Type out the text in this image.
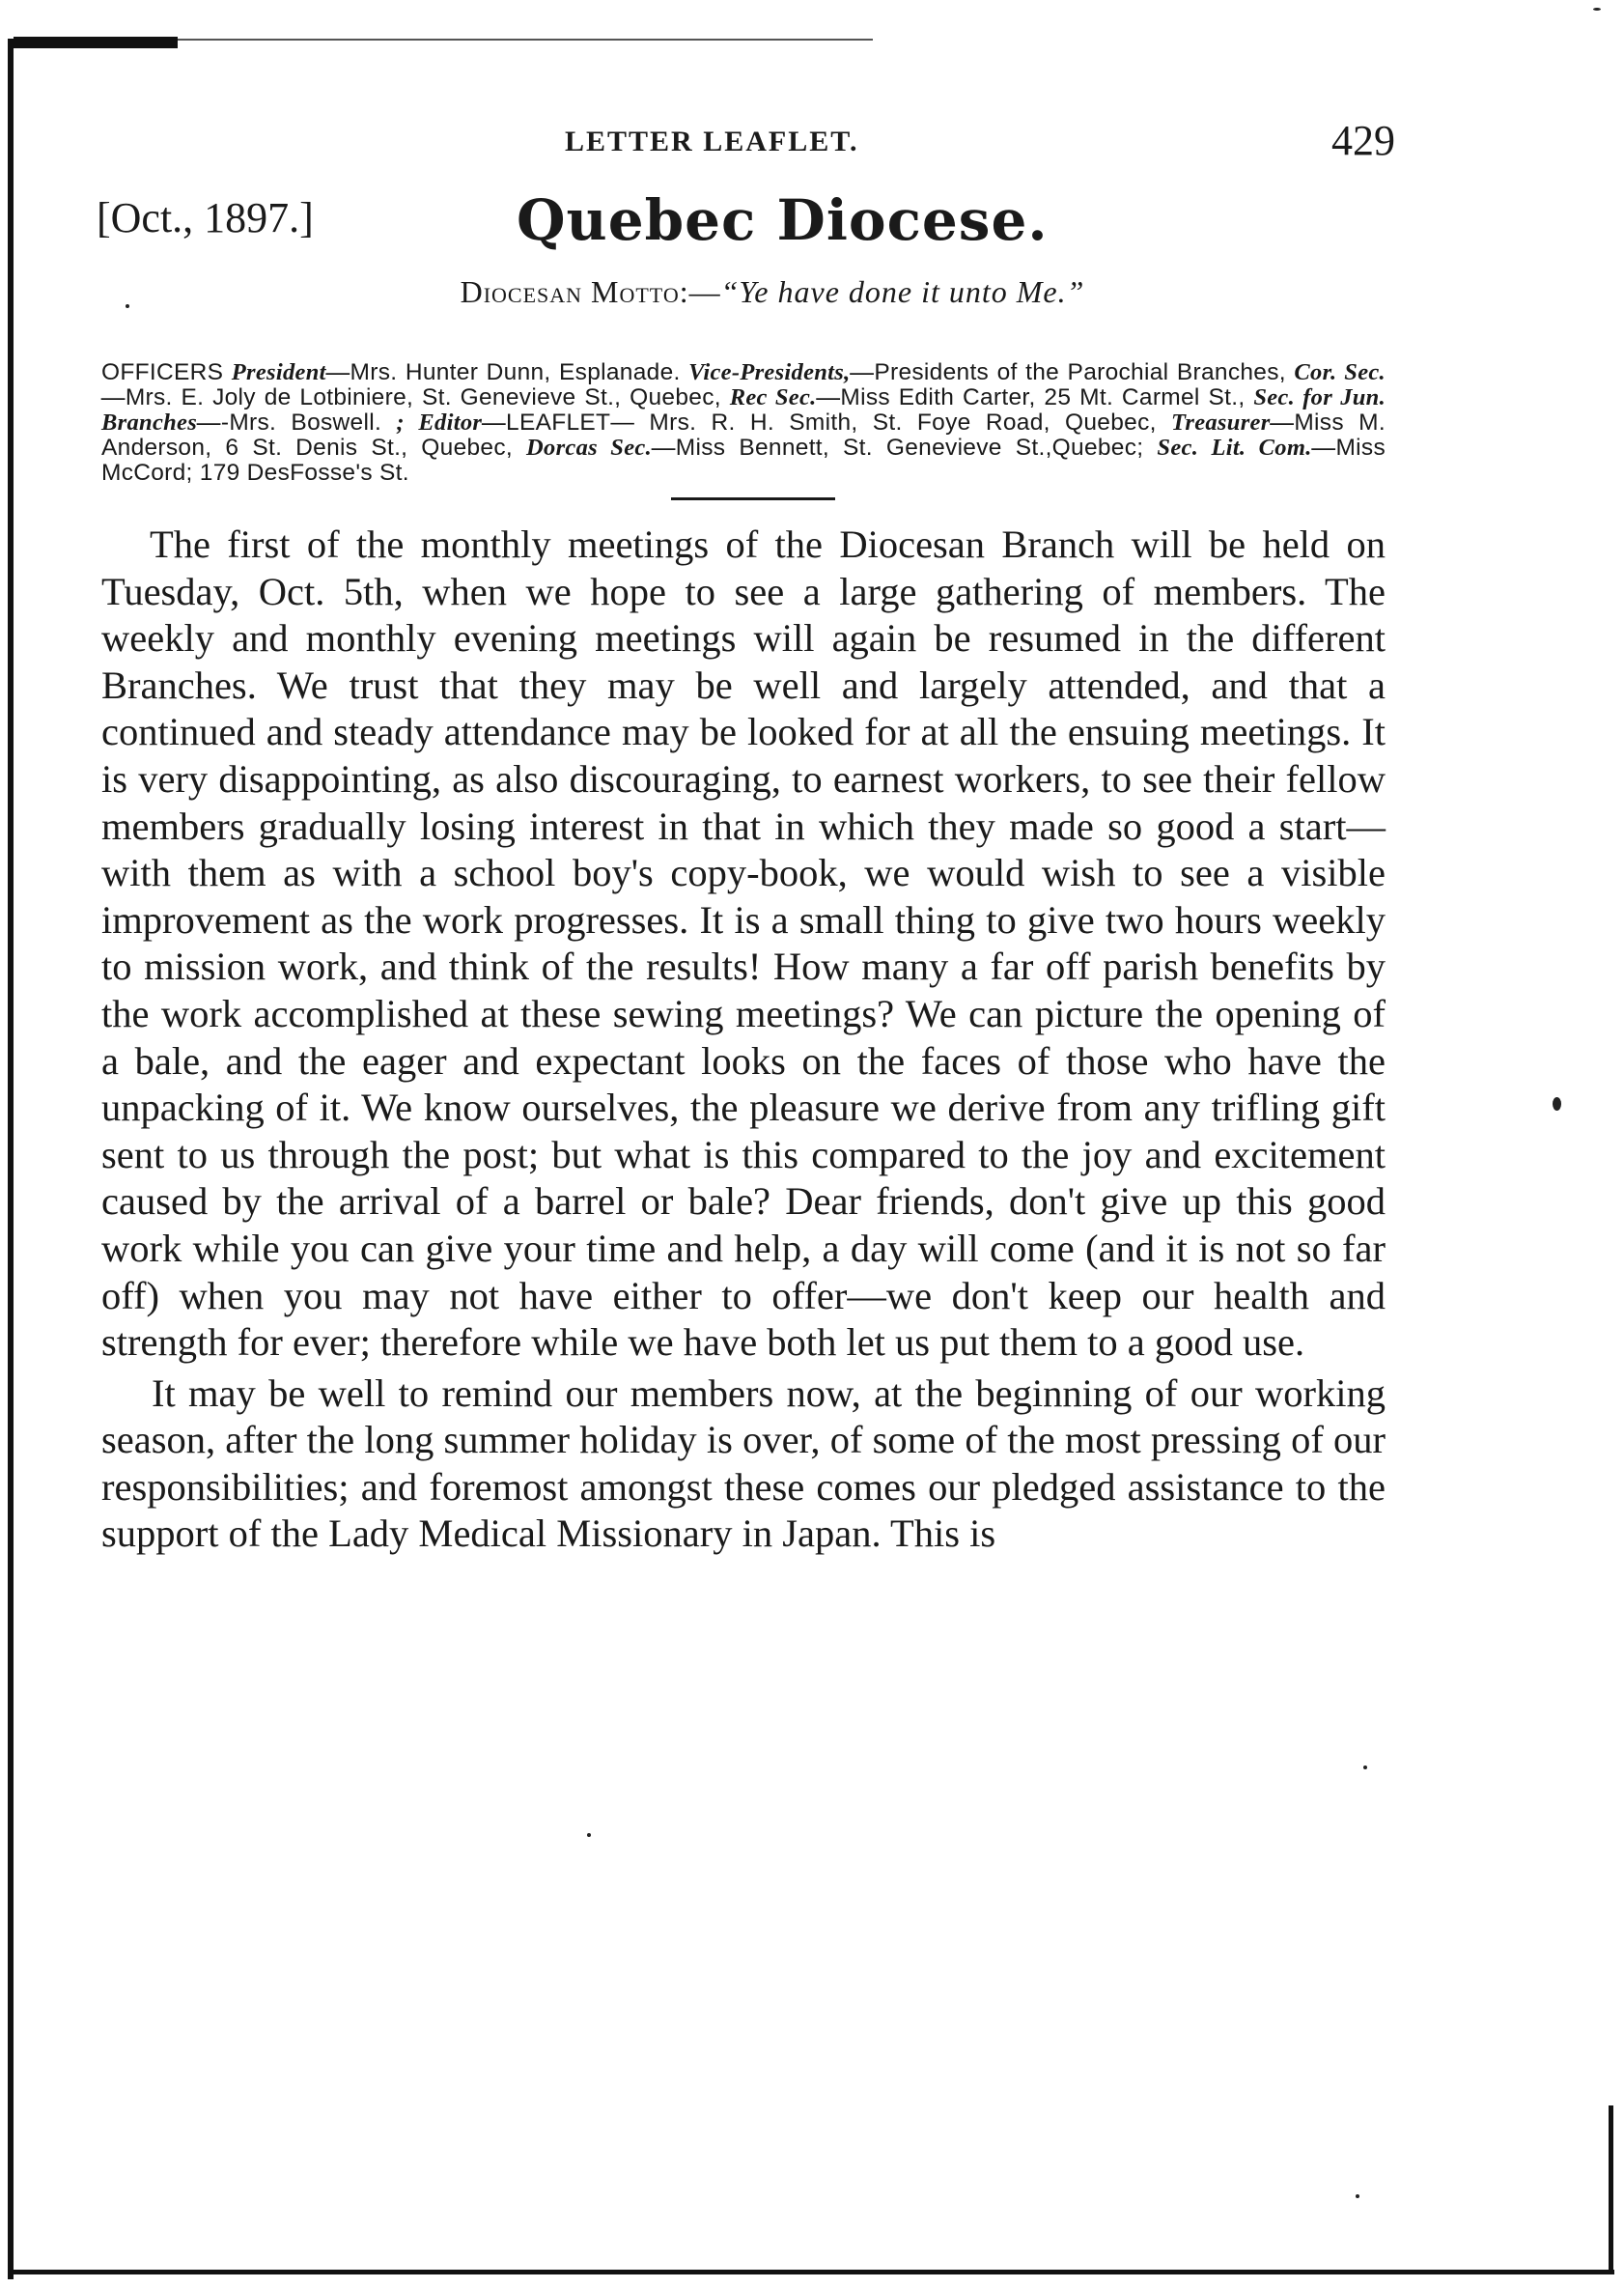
LETTER LEAFLET.	429
[Oct., 1897.]	Quebec Diocese.
Diocesan Motto:—“Ye have done it unto Me.”
OFFICERS President—Mrs. Hunter Dunn, Esplanade. Vice-Presidents,—Presidents of the Parochial Branches, Cor. Sec.—Mrs. E. Joly de Lotbiniere, St. Genevieve St., Quebec, Rec Sec.—Miss Edith Carter, 25 Mt. Carmel St., Sec. for Jun. Branches—-Mrs. Boswell. ; Editor—LEAFLET— Mrs. R. H. Smith, St. Foye Road, Quebec, Treasurer—Miss M. Anderson, 6 St. Denis St., Quebec, Dorcas Sec.—Miss Bennett, St. Genevieve St.,Quebec; Sec. Lit. Com.—Miss McCord; 179 DesFosse's St.

The first of the monthly meetings of the Diocesan Branch will be held on Tuesday, Oct. 5th, when we hope to see a large gathering of members. The weekly and monthly evening meetings will again be resumed in the different Branches. We trust that they may be well and largely attended, and that a continued and steady attendance may be looked for at all the ensuing meetings. It is very disappointing, as also discouraging, to earnest workers, to see their fellow members gradually losing interest in that in which they made so good a start—with them as with a school boy's copy-book, we would wish to see a visible improvement as the work progresses. It is a small thing to give two hours weekly to mission work, and think of the results! How many a far off parish benefits by the work accomplished at these sewing meetings? We can picture the opening of a bale, and the eager and expectant looks on the faces of those who have the unpacking of it. We know ourselves, the pleasure we derive from any trifling gift sent to us through the post; but what is this compared to the joy and excitement caused by the arrival of a barrel or bale? Dear friends, don't give up this good work while you can give your time and help, a day will come (and it is not so far off) when you may not have either to offer—we don't keep our health and strength for ever; therefore while we have both let us put them to a good use.

It may be well to remind our members now, at the beginning of our working season, after the long summer holiday is over, of some of the most pressing of our responsibilities; and foremost amongst these comes our pledged assistance to the support of the Lady Medical Missionary in Japan. This is
